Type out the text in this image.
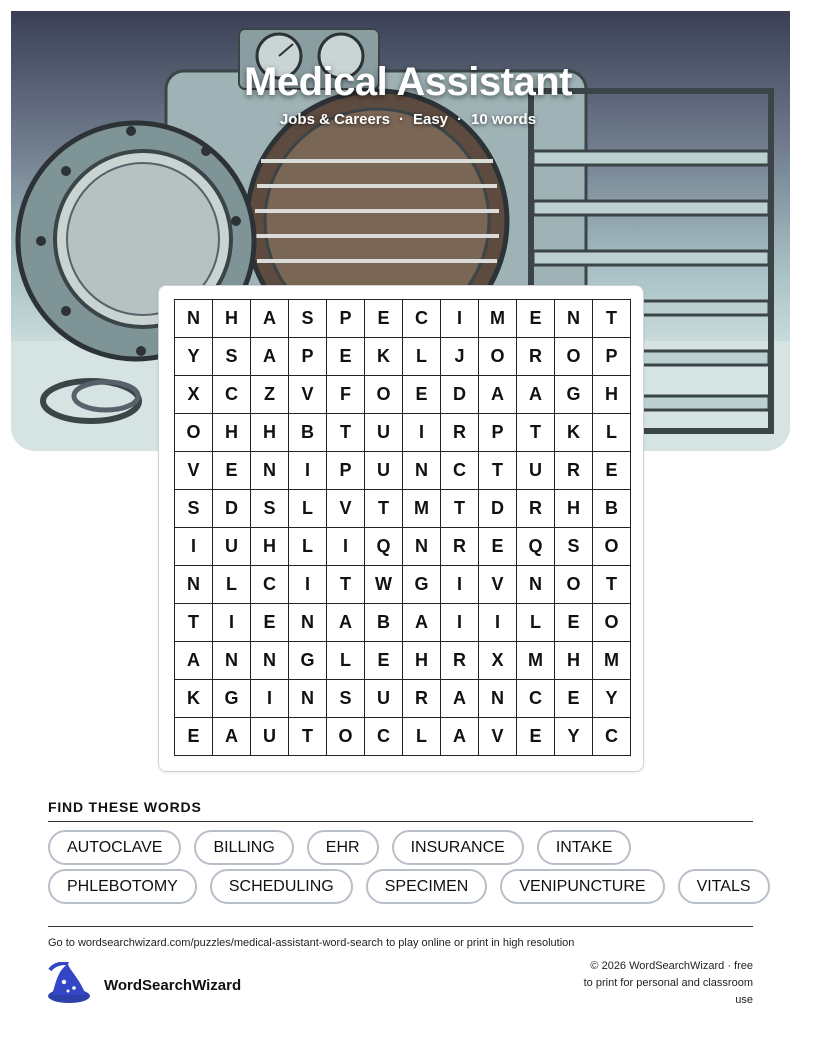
Medical Assistant
Jobs & Careers · Easy · 10 words
N	H	A	S	P	E	C	I	M	E	N	T
Y	S	A	P	E	K	L	J	O	R	O	P
X	C	Z	V	F	O	E	D	A	A	G	H
O	H	H	B	T	U	I	R	P	T	K	L
V	E	N	I	P	U	N	C	T	U	R	E
S	D	S	L	V	T	M	T	D	R	H	B
I	U	H	L	I	Q	N	R	E	Q	S	O
N	L	C	I	T	W	G	I	V	N	O	T
T	I	E	N	A	B	A	I	I	L	E	O
A	N	N	G	L	E	H	R	X	M	H	M
K	G	I	N	S	U	R	A	N	C	E	Y
E	A	U	T	O	C	L	A	V	E	Y	C
FIND THESE WORDS
AUTOCLAVE	BILLING	EHR	INSURANCE	INTAKE
PHLEBOTOMY	SCHEDULING	SPECIMEN	VENIPUNCTURE	VITALS
Go to wordsearchwizard.com/puzzles/medical-assistant-word-search to play online or print in high resolution
WordSearchWizard
© 2026 WordSearchWizard · free to print for personal and classroom use
